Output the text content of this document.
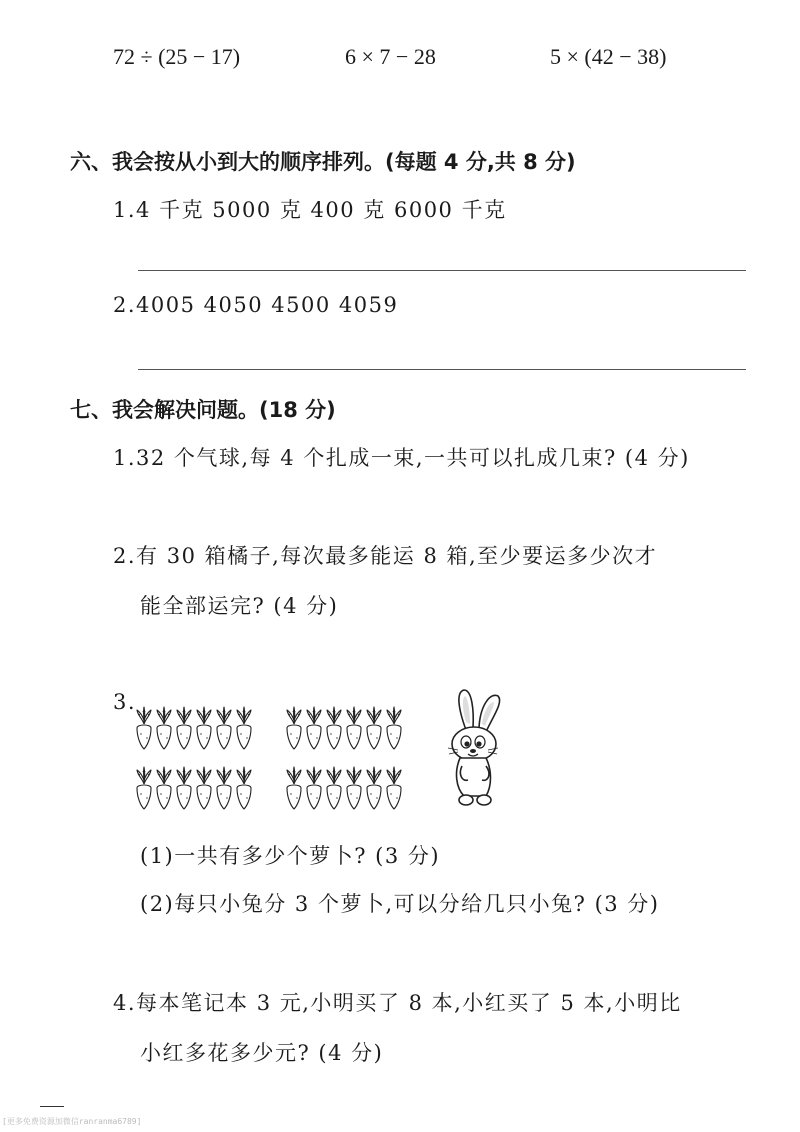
72 ÷ (25 − 17)	6 × 7 − 28	5 × (42 − 38)
六、我会按从小到大的顺序排列。(每题 4 分,共 8 分)
1.4 千克 5000 克 400 克 6000 千克
2.4005 4050 4500 4059
七、我会解决问题。(18 分)
1.32 个气球,每 4 个扎成一束,一共可以扎成几束? (4 分)
2.有 30 箱橘子,每次最多能运 8 箱,至少要运多少次才
能全部运完? (4 分)
3.
(1)一共有多少个萝卜? (3 分)
(2)每只小兔分 3 个萝卜,可以分给几只小兔? (3 分)
4.每本笔记本 3 元,小明买了 8 本,小红买了 5 本,小明比
小红多花多少元? (4 分)
[更多免费资源加微信ranranma6789]
